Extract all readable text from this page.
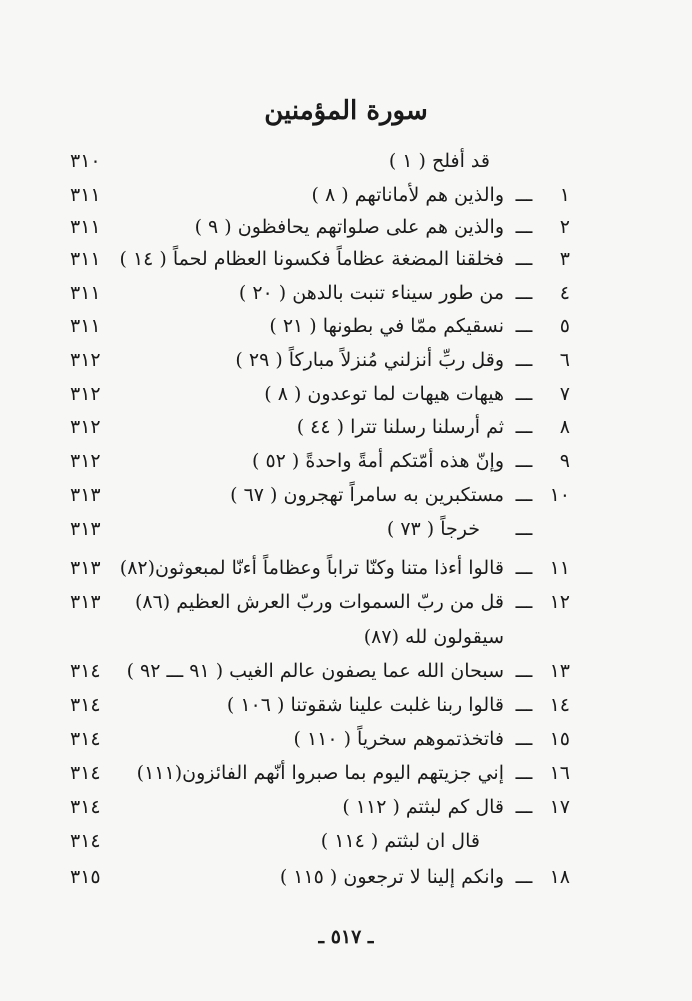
سورة المؤمنين
قد أفلح ( ١ )
٣١٠
١
ـــ
والذين هم لأماناتهم ( ٨ )
٣١١
٢
ـــ
والذين هم على صلواتهم يحافظون ( ٩ )
٣١١
٣
ـــ
فخلقنا المضغة عظاماً فكسونا العظام لحماً ( ١٤ )
٣١١
٤
ـــ
من طور سيناء تنبت بالدهن ( ٢٠ )
٣١١
٥
ـــ
نسقيكم ممّا في بطونها ( ٢١ )
٣١١
٦
ـــ
وقل ربِّ أنزلني مُنزلاً مباركاً ( ٢٩ )
٣١٢
٧
ـــ
هيهات هيهات لما توعدون ( ٨ )
٣١٢
٨
ـــ
ثم أرسلنا رسلنا تترا ( ٤٤ )
٣١٢
٩
ـــ
وإنّ هذه أمّتكم أمةً واحدةً ( ٥٢ )
٣١٢
١٠
ـــ
مستكبرين به سامراً تهجرون ( ٦٧ )
٣١٣
ـــ
خرجاً ( ٧٣ )
٣١٣
١١
ـــ
قالوا أءذا متنا وكنّا تراباً وعظاماً أءنّا لمبعوثون(٨٢)
٣١٣
١٢
ـــ
قل من ربّ السموات وربّ العرش العظيم (٨٦)
٣١٣
سيقولون لله (٨٧)
١٣
ـــ
سبحان الله عما يصفون عالم الغيب ( ٩١ ـــ ٩٢ )
٣١٤
١٤
ـــ
قالوا ربنا غلبت علينا شقوتنا ( ١٠٦ )
٣١٤
١٥
ـــ
فاتخذتموهم سخرياً ( ١١٠ )
٣١٤
١٦
ـــ
إني جزيتهم اليوم بما صبروا أنّهم الفائزون(١١١)
٣١٤
١٧
ـــ
قال كم لبثتم ( ١١٢ )
٣١٤
قال ان لبثتم ( ١١٤ )
٣١٤
١٨
ـــ
وانكم إلينا لا ترجعون ( ١١٥ )
٣١٥
ـ ٥١٧ ـ
